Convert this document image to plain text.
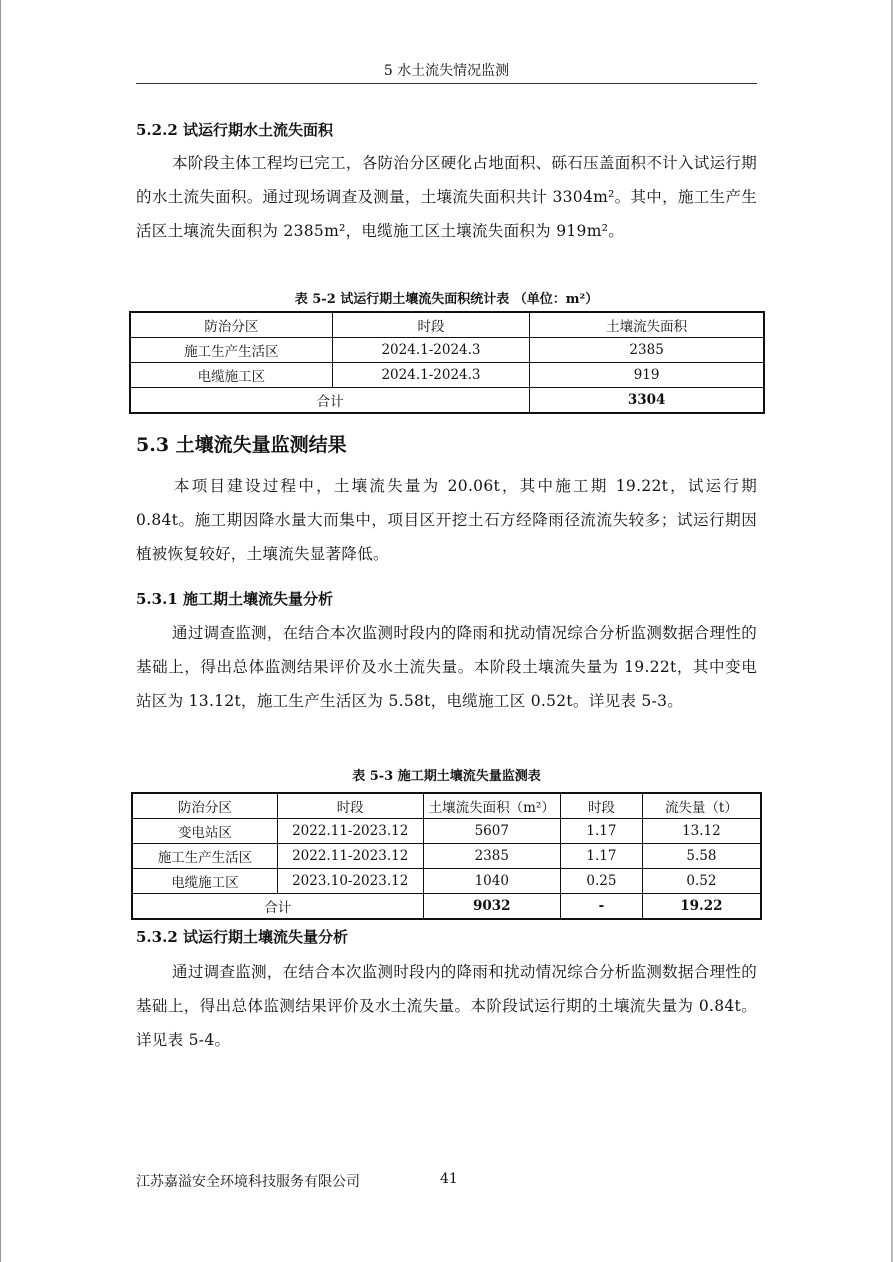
5 水土流失情况监测
5.2.2 试运行期水土流失面积
本阶段主体工程均已完工，各防治分区硬化占地面积、砾石压盖面积不计入试运行期的水土流失面积。通过现场调查及测量，土壤流失面积共计 3304m²。其中，施工生产生活区土壤流失面积为 2385m²，电缆施工区土壤流失面积为 919m²。
表 5-2 试运行期土壤流失面积统计表 （单位：m²）
防治分区	时段	土壤流失面积
施工生产生活区	2024.1-2024.3	2385
电缆施工区	2024.1-2024.3	919
合计		3304
5.3 土壤流失量监测结果
本项目建设过程中，土壤流失量为 20.06t，其中施工期 19.22t，试运行期 0.84t。施工期因降水量大而集中，项目区开挖土石方经降雨径流流失较多；试运行期因植被恢复较好，土壤流失显著降低。
5.3.1 施工期土壤流失量分析
通过调查监测，在结合本次监测时段内的降雨和扰动情况综合分析监测数据合理性的基础上，得出总体监测结果评价及水土流失量。本阶段土壤流失量为 19.22t，其中变电站区为 13.12t，施工生产生活区为 5.58t，电缆施工区 0.52t。详见表 5-3。
表 5-3 施工期土壤流失量监测表
防治分区	时段	土壤流失面积（m²）	时段	流失量（t）
变电站区	2022.11-2023.12	5607	1.17	13.12
施工生产生活区	2022.11-2023.12	2385	1.17	5.58
电缆施工区	2023.10-2023.12	1040	0.25	0.52
合计		9032	-	19.22
5.3.2 试运行期土壤流失量分析
通过调查监测，在结合本次监测时段内的降雨和扰动情况综合分析监测数据合理性的基础上，得出总体监测结果评价及水土流失量。本阶段试运行期的土壤流失量为 0.84t。详见表 5-4。
江苏嘉溢安全环境科技服务有限公司	41
